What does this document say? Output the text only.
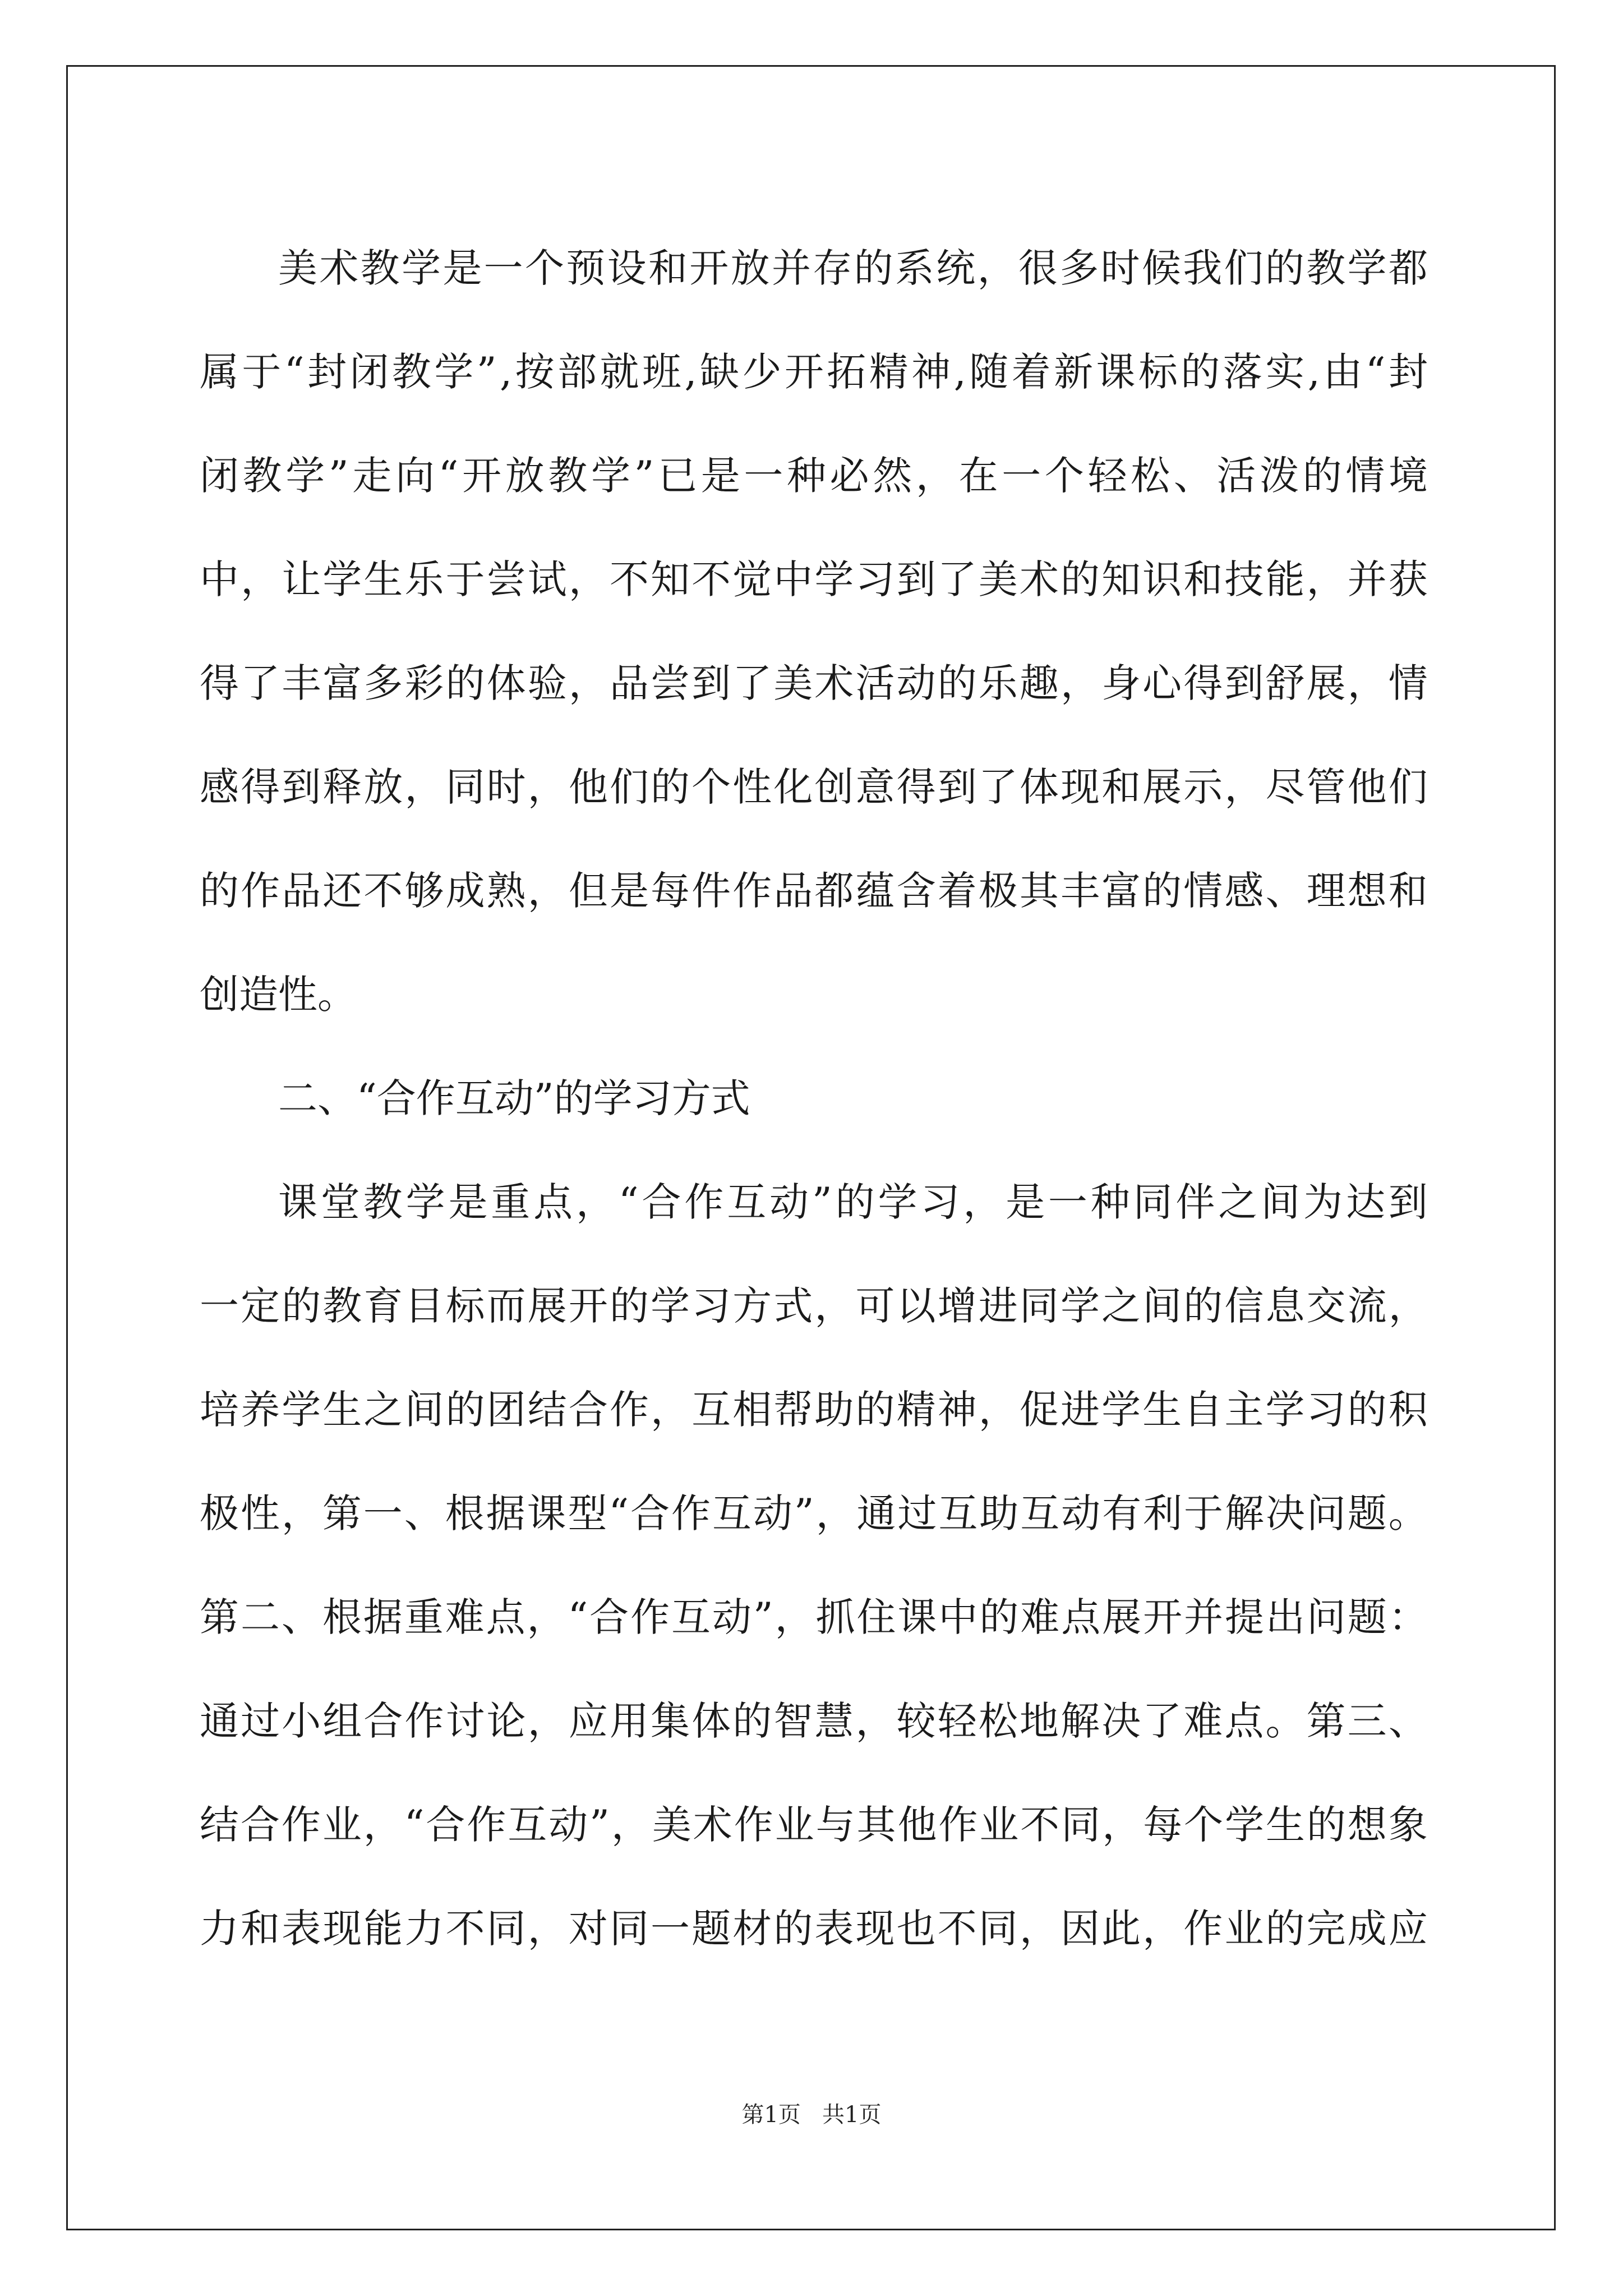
美 术 教 学 是 一 个 预 设 和 开 放 并 存 的 系 统 ， 很 多 时 候 我 们 的 教 学 都
属 于 “ 封 闭 教 学 ” , 按 部 就 班 , 缺 少 开 拓 精 神 , 随 着 新 课 标 的 落 实 , 由 “ 封
闭 教 学 ” 走 向 “ 开 放 教 学 ” 已 是 一 种 必 然 ， 在 一 个 轻 松 、 活 泼 的 情 境
中 ， 让 学 生 乐 于 尝 试 ， 不 知 不 觉 中 学 习 到 了 美 术 的 知 识 和 技 能 ， 并 获
得 了 丰 富 多 彩 的 体 验 ， 品 尝 到 了 美 术 活 动 的 乐 趣 ， 身 心 得 到 舒 展 ， 情
感 得 到 释 放 ， 同 时 ， 他 们 的 个 性 化 创 意 得 到 了 体 现 和 展 示 ， 尽 管 他 们
的 作 品 还 不 够 成 熟 ， 但 是 每 件 作 品 都 蕴 含 着 极 其 丰 富 的 情 感 、 理 想 和
创造性。
二、“合作互动”的学习方式
课 堂 教 学 是 重 点 ， “ 合 作 互 动 ” 的 学 习 ， 是 一 种 同 伴 之 间 为 达 到
一 定 的 教 育 目 标 而 展 开 的 学 习 方 式 ， 可 以 增 进 同 学 之 间 的 信 息 交 流 ，
培 养 学 生 之 间 的 团 结 合 作 ， 互 相 帮 助 的 精 神 ， 促 进 学 生 自 主 学 习 的 积
极 性 ， 第 一 、 根 据 课 型 “ 合 作 互 动 ” ， 通 过 互 助 互 动 有 利 于 解 决 问 题 。
第 二 、 根 据 重 难 点 ， “ 合 作 互 动 ” ， 抓 住 课 中 的 难 点 展 开 并 提 出 问 题 ：
通 过 小 组 合 作 讨 论 ， 应 用 集 体 的 智 慧 ， 较 轻 松 地 解 决 了 难 点 。 第 三 、
结 合 作 业 ， “ 合 作 互 动 ” ， 美 术 作 业 与 其 他 作 业 不 同 ， 每 个 学 生 的 想 象
力 和 表 现 能 力 不 同 ， 对 同 一 题 材 的 表 现 也 不 同 ， 因 此 ， 作 业 的 完 成 应
第1页   共1页
